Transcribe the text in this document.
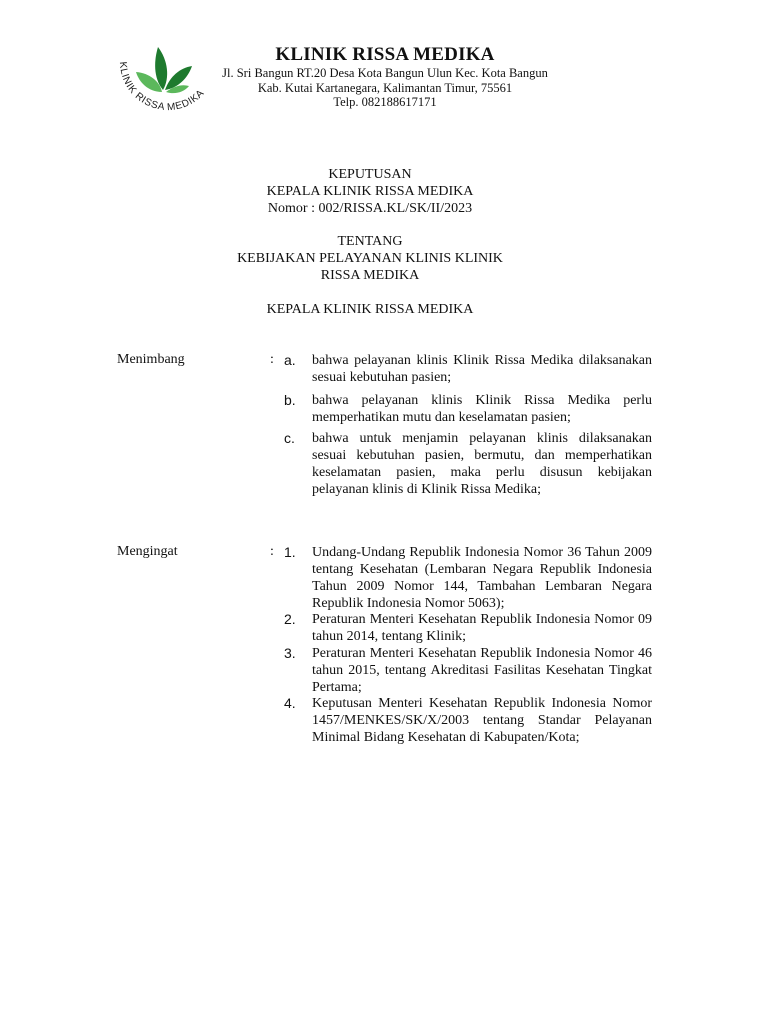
KLINIK RISSA MEDIKA
KLINIK RISSA MEDIKA
Jl. Sri Bangun RT.20 Desa Kota Bangun Ulun Kec. Kota Bangun
Kab. Kutai Kartanegara, Kalimantan Timur, 75561
Telp. 082188617171
KEPUTUSAN
KEPALA KLINIK RISSA MEDIKA
Nomor : 002/RISSA.KL/SK/II/2023
TENTANG
KEBIJAKAN PELAYANAN KLINIS KLINIK
RISSA MEDIKA
KEPALA KLINIK RISSA MEDIKA
Menimbang	: a.	bahwa pelayanan klinis Klinik Rissa Medika dilaksanakan sesuai kebutuhan pasien;
b.	bahwa pelayanan klinis Klinik Rissa Medika perlu memperhatikan mutu dan keselamatan pasien;
c.	bahwa untuk menjamin pelayanan klinis dilaksanakan sesuai kebutuhan pasien, bermutu, dan memperhatikan keselamatan pasien, maka perlu disusun kebijakan pelayanan klinis di Klinik Rissa Medika;
Mengingat	: 1.	Undang-Undang Republik Indonesia Nomor 36 Tahun 2009 tentang Kesehatan (Lembaran Negara Republik Indonesia Tahun 2009 Nomor 144, Tambahan Lembaran Negara Republik Indonesia Nomor 5063);
2.	Peraturan Menteri Kesehatan Republik Indonesia Nomor 09 tahun 2014, tentang Klinik;
3.	Peraturan Menteri Kesehatan Republik Indonesia Nomor 46 tahun 2015, tentang Akreditasi Fasilitas Kesehatan Tingkat Pertama;
4.	Keputusan Menteri Kesehatan Republik Indonesia Nomor 1457/MENKES/SK/X/2003 tentang Standar Pelayanan Minimal Bidang Kesehatan di Kabupaten/Kota;
